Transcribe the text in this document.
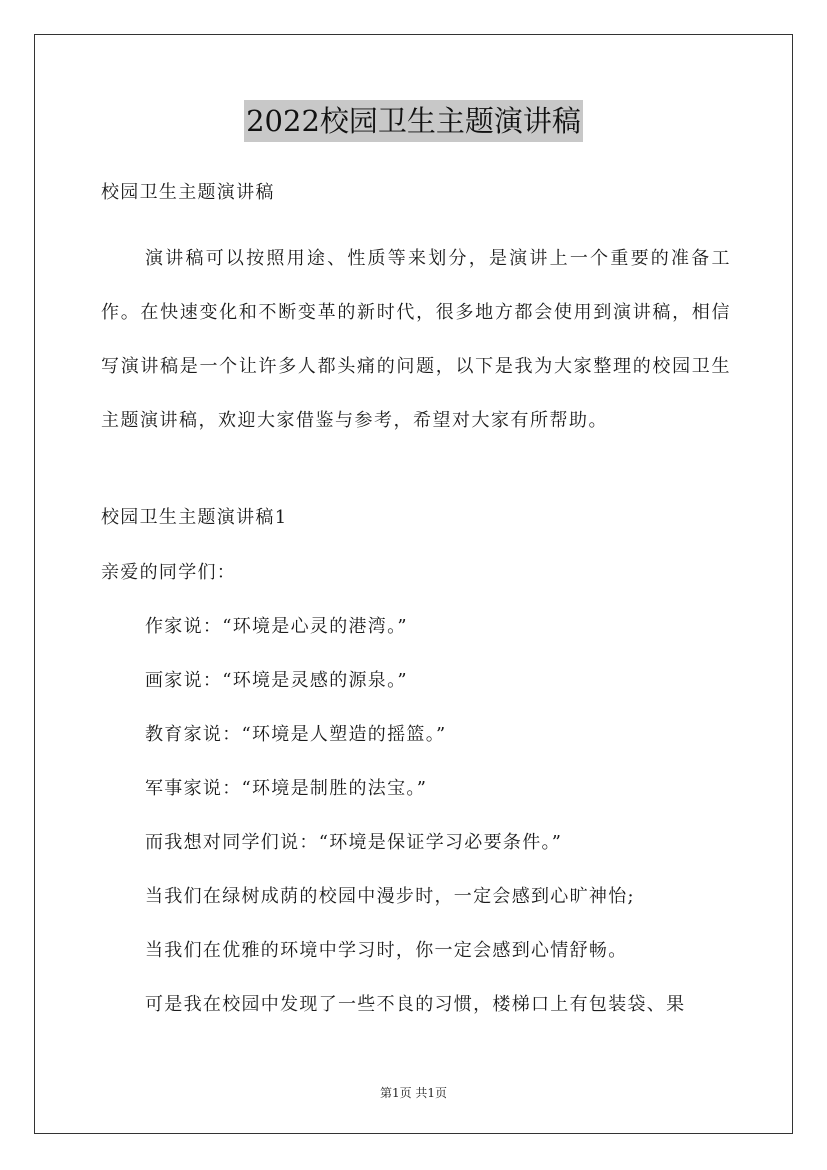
2022校园卫生主题演讲稿
校园卫生主题演讲稿

演讲稿可以按照用途、性质等来划分，是演讲上一个重要的准备工作。在快速变化和不断变革的新时代，很多地方都会使用到演讲稿，相信写演讲稿是一个让许多人都头痛的问题，以下是我为大家整理的校园卫生主题演讲稿，欢迎大家借鉴与参考，希望对大家有所帮助。

校园卫生主题演讲稿1
亲爱的同学们：
作家说：“环境是心灵的港湾。”
画家说：“环境是灵感的源泉。”
教育家说：“环境是人塑造的摇篮。”
军事家说：“环境是制胜的法宝。”
而我想对同学们说：“环境是保证学习必要条件。”
当我们在绿树成荫的校园中漫步时，一定会感到心旷神怡;
当我们在优雅的环境中学习时，你一定会感到心情舒畅。
可是我在校园中发现了一些不良的习惯，楼梯口上有包装袋、果
第1页 共1页
